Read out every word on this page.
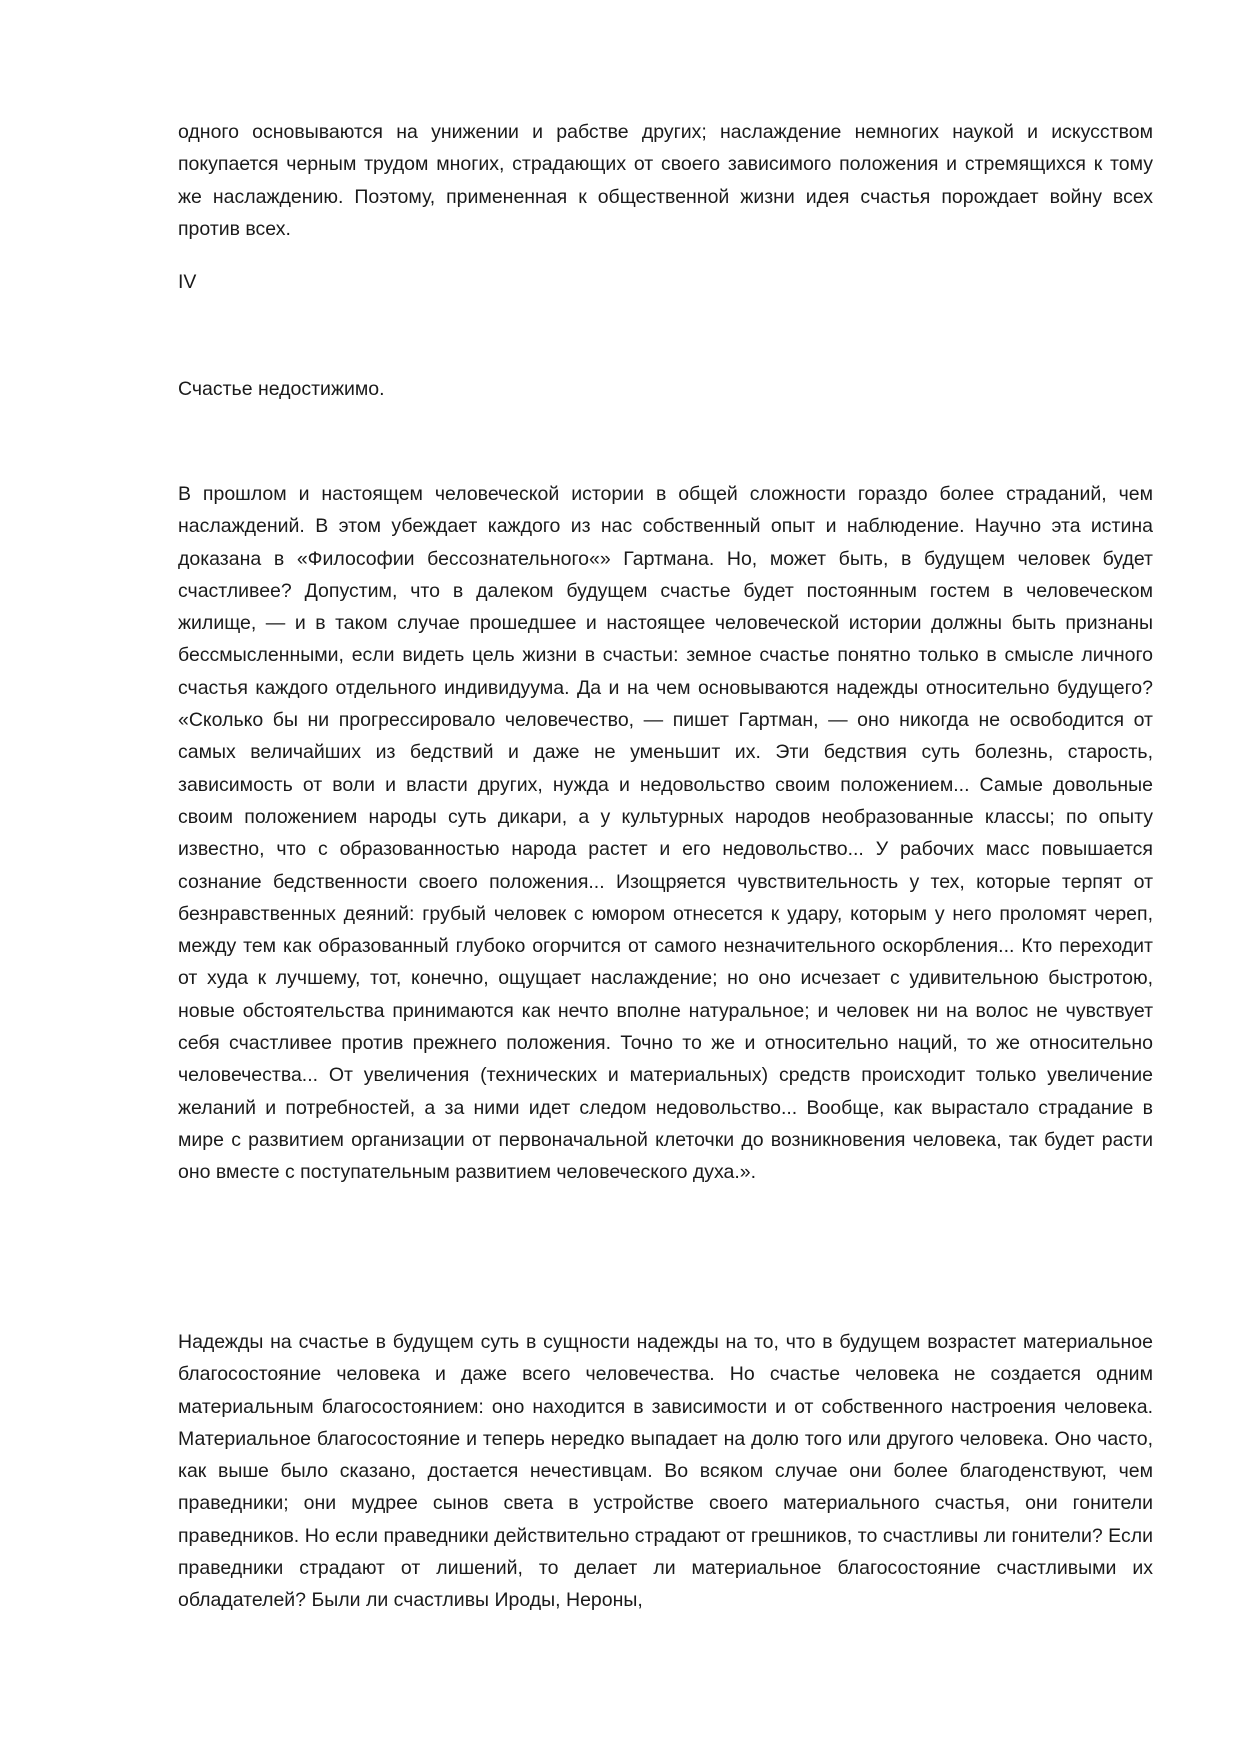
одного основываются на унижении и рабстве других; наслаждение немногих наукой и искусством покупается черным трудом многих, страдающих от своего зависимого положения и стремящихся к тому же наслаждению. Поэтому, примененная к общественной жизни идея счастья порождает войну всех против всех.

IV

Счастье недостижимо.

В прошлом и настоящем человеческой истории в общей сложности гораздо более страданий, чем наслаждений. В этом убеждает каждого из нас собственный опыт и наблюдение. Научно эта истина доказана в «Философии бессознательного«» Гартмана. Но, может быть, в будущем человек будет счастливее? Допустим, что в далеком будущем счастье будет постоянным гостем в человеческом жилище, — и в таком случае прошедшее и настоящее человеческой истории должны быть признаны бессмысленными, если видеть цель жизни в счастьи: земное счастье понятно только в смысле личного счастья каждого отдельного индивидуума. Да и на чем основываются надежды относительно будущего? «Сколько бы ни прогрессировало человечество, — пишет Гартман, — оно никогда не освободится от самых величайших из бедствий и даже не уменьшит их. Эти бедствия суть болезнь, старость, зависимость от воли и власти других, нужда и недовольство своим положением... Самые довольные своим положением народы суть дикари, а у культурных народов необразованные классы; по опыту известно, что с образованностью народа растет и его недовольство... У рабочих масс повышается сознание бедственности своего положения... Изощряется чувствительность у тех, которые терпят от безнравственных деяний: грубый человек с юмором отнесется к удару, которым у него проломят череп, между тем как образованный глубоко огорчится от самого незначительного оскорбления... Кто переходит от худа к лучшему, тот, конечно, ощущает наслаждение; но оно исчезает с удивительною быстротою, новые обстоятельства принимаются как нечто вполне натуральное; и человек ни на волос не чувствует себя счастливее против прежнего положения. Точно то же и относительно наций, то же относительно человечества... От увеличения (технических и материальных) средств происходит только увеличение желаний и потребностей, а за ними идет следом недовольство... Вообще, как вырастало страдание в мире с развитием организации от первоначальной клеточки до возникновения человека, так будет расти оно вместе с поступательным развитием человеческого духа.».

Надежды на счастье в будущем суть в сущности надежды на то, что в будущем возрастет материальное благосостояние человека и даже всего человечества. Но счастье человека не создается одним материальным благосостоянием: оно находится в зависимости и от собственного настроения человека. Материальное благосостояние и теперь нередко выпадает на долю того или другого человека. Оно часто, как выше было сказано, достается нечестивцам. Во всяком случае они более благоденствуют, чем праведники; они мудрее сынов света в устройстве своего материального счастья, они гонители праведников. Но если праведники действительно страдают от грешников, то счастливы ли гонители? Если праведники страдают от лишений, то делает ли материальное благосостояние счастливыми их обладателей? Были ли счастливы Ироды, Нероны,
